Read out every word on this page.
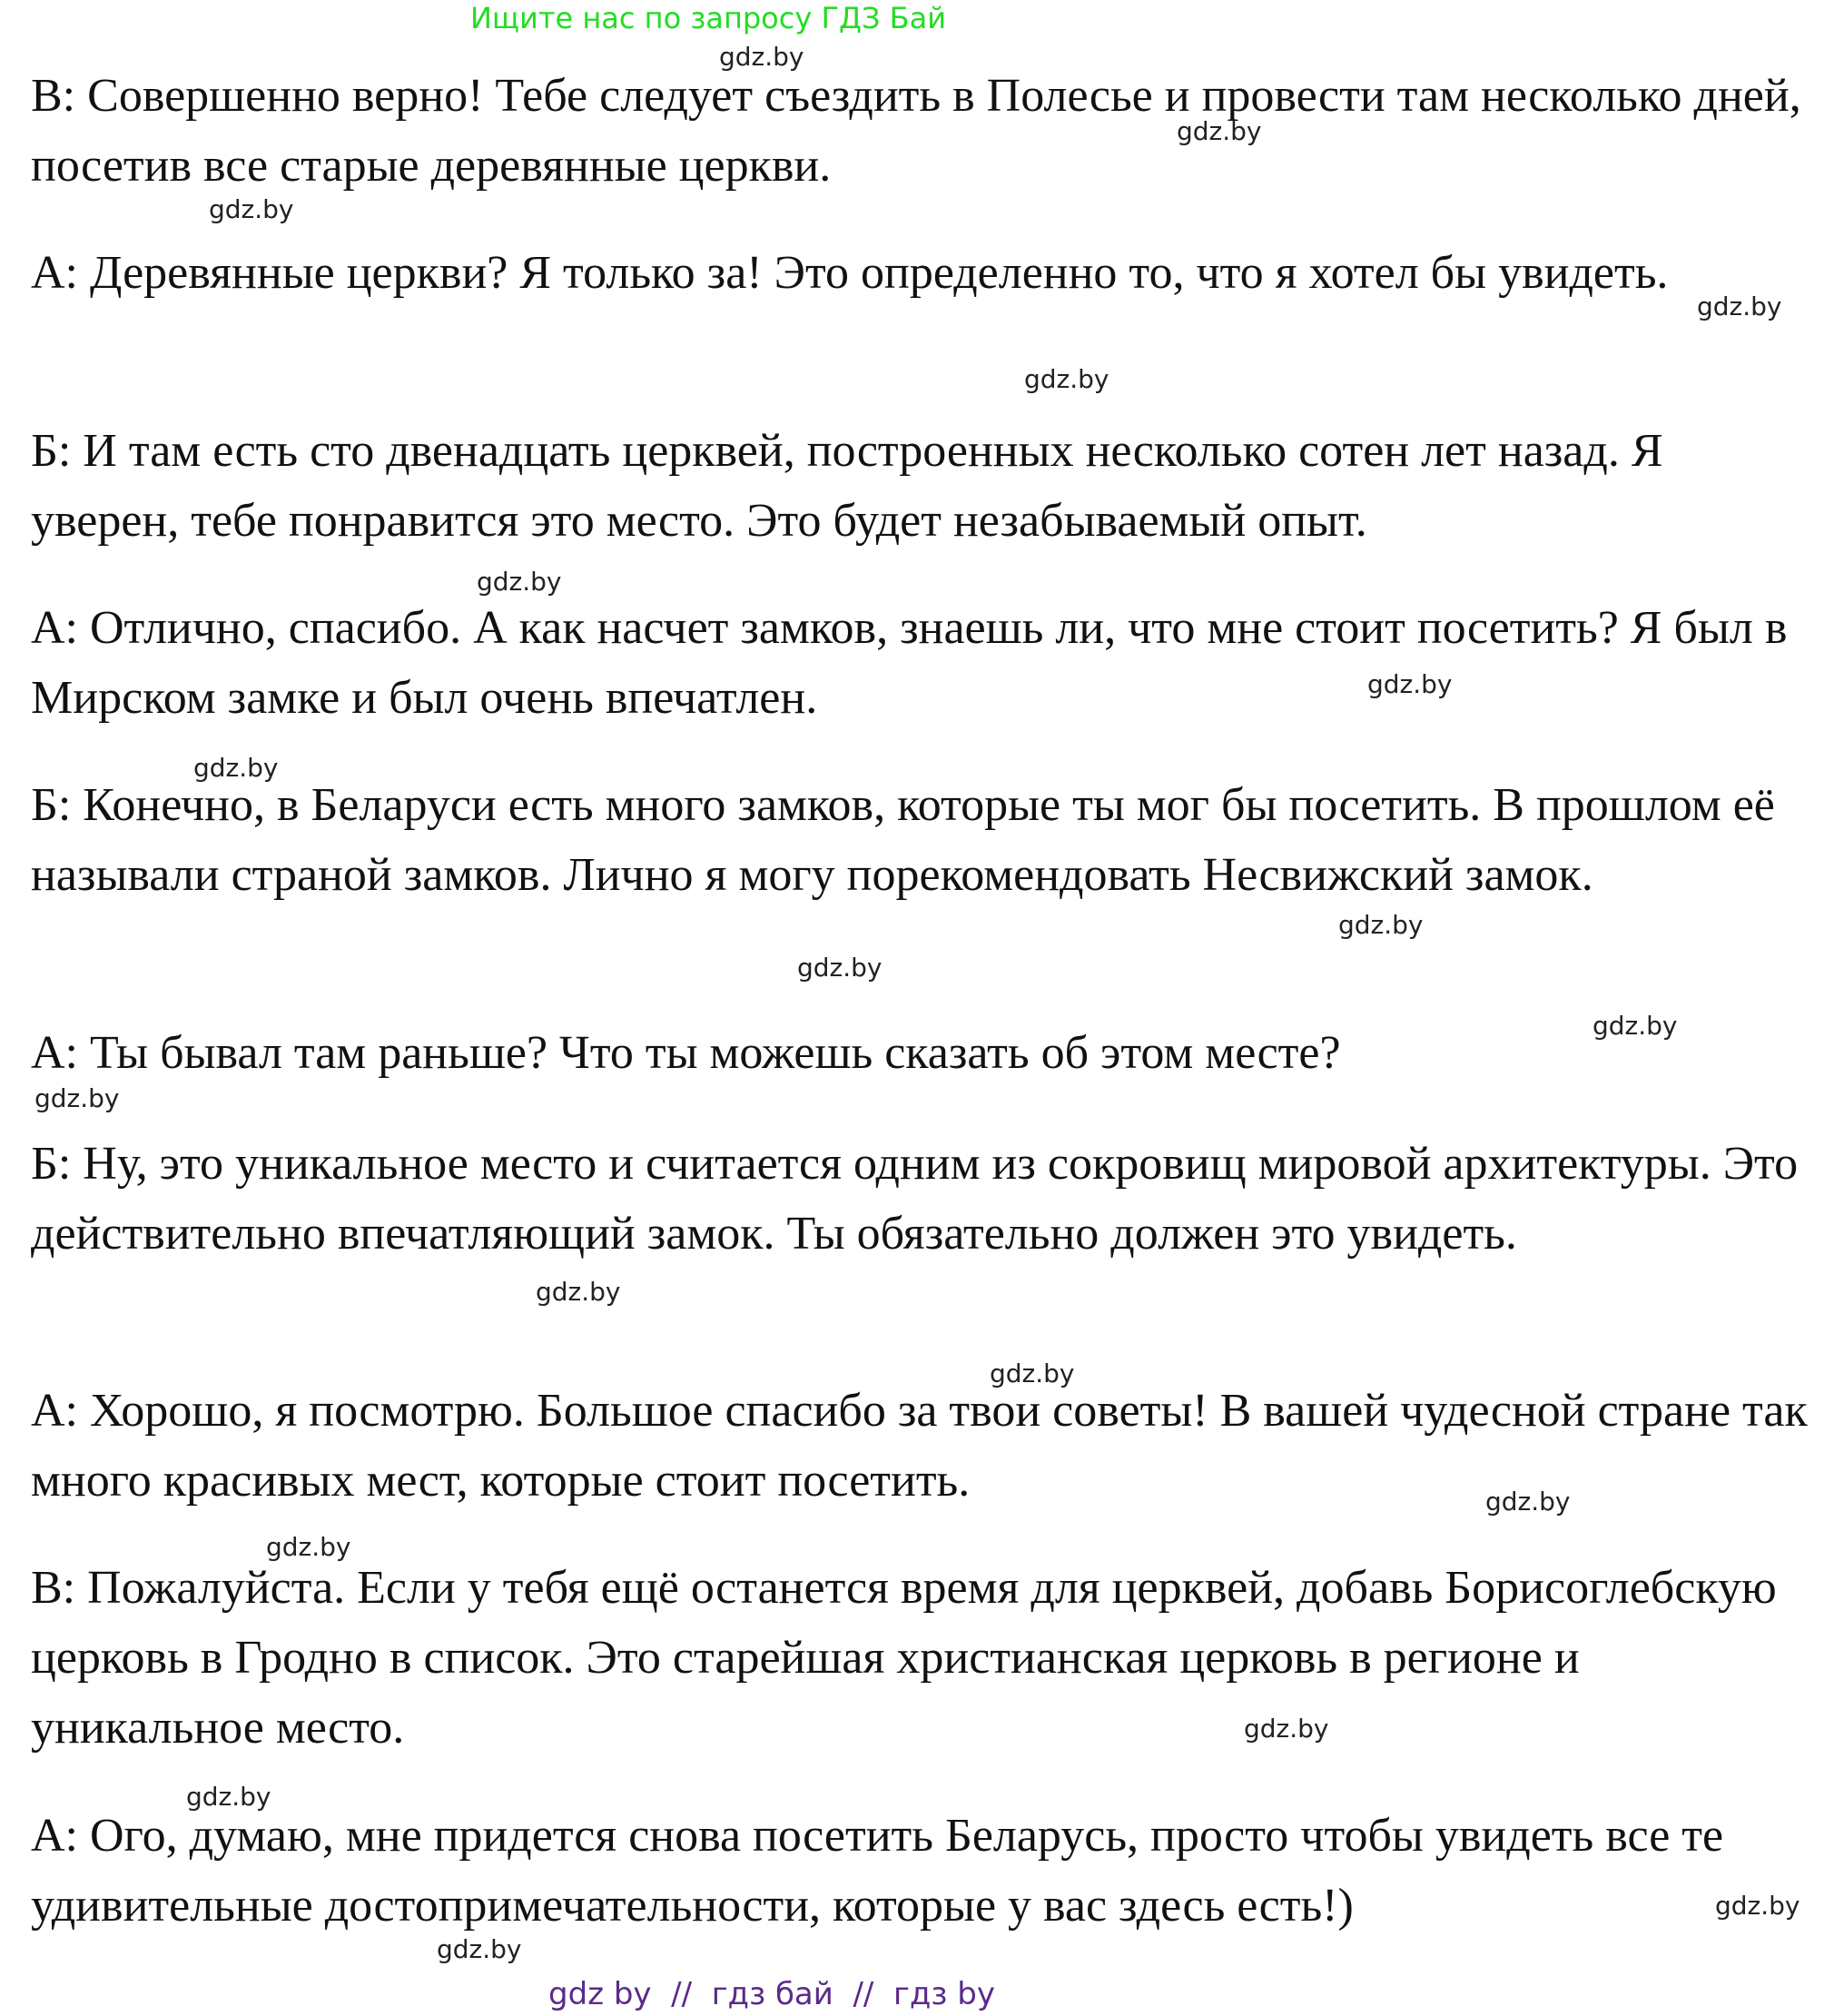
Ищите нас по запросу ГДЗ Бай

В: Совершенно верно! Тебе следует съездить в Полесье и провести там несколько дней, посетив все старые деревянные церкви.

А: Деревянные церкви? Я только за! Это определенно то, что я хотел бы увидеть.

Б: И там есть сто двенадцать церквей, построенных несколько сотен лет назад. Я уверен, тебе понравится это место. Это будет незабываемый опыт.

А: Отлично, спасибо. А как насчет замков, знаешь ли, что мне стоит посетить? Я был в Мирском замке и был очень впечатлен.

Б: Конечно, в Беларуси есть много замков, которые ты мог бы посетить. В прошлом её называли страной замков. Лично я могу порекомендовать Несвижский замок.

А: Ты бывал там раньше? Что ты можешь сказать об этом месте?

Б: Ну, это уникальное место и считается одним из сокровищ мировой архитектуры. Это действительно впечатляющий замок. Ты обязательно должен это увидеть.

А: Хорошо, я посмотрю. Большое спасибо за твои советы! В вашей чудесной стране так много красивых мест, которые стоит посетить.

В: Пожалуйста. Если у тебя ещё останется время для церквей, добавь Борисоглебскую церковь в Гродно в список. Это старейшая христианская церковь в регионе и уникальное место.

А: Ого, думаю, мне придется снова посетить Беларусь, просто чтобы увидеть все те удивительные достопримечательности, которые у вас здесь есть!)

gdz.by
gdz.by
gdz.by
gdz.by
gdz.by
gdz.by
gdz.by
gdz.by
gdz.by
gdz.by
gdz.by
gdz.by
gdz.by
gdz.by
gdz.by
gdz.by
gdz.by
gdz.by
gdz.by
gdz.by
gdz by  //  гдз бай  //  гдз by
